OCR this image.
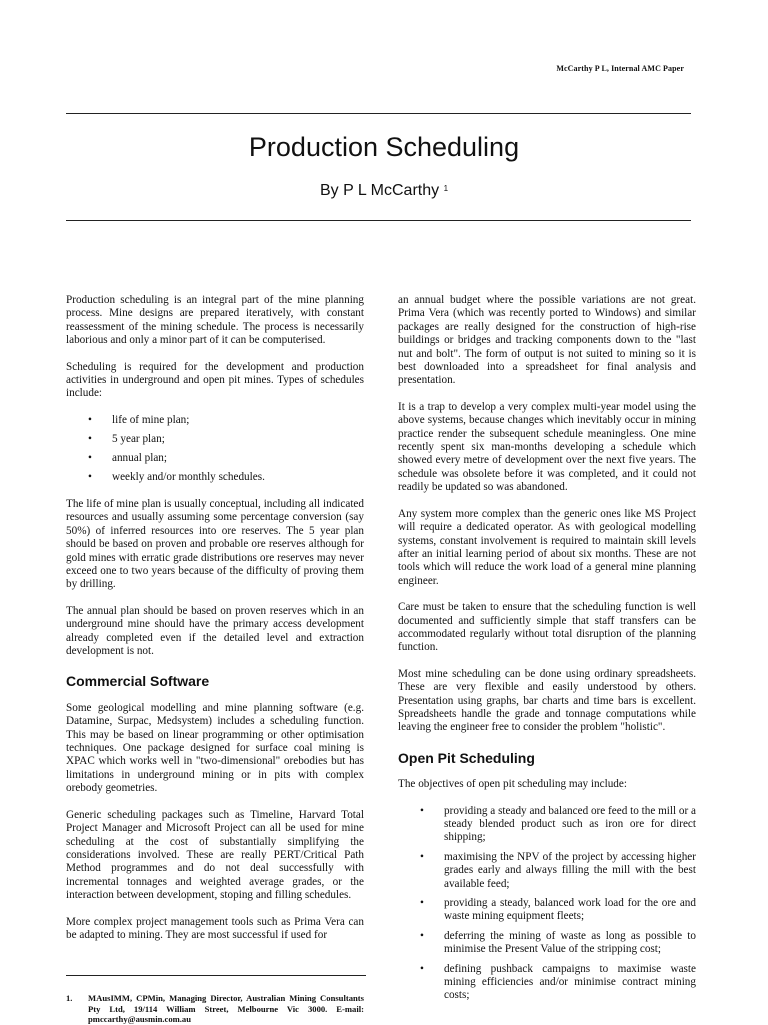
McCarthy P L, Internal AMC Paper
Production Scheduling

By P L McCarthy $^1$

Production scheduling is an integral part of the mine planning process. Mine designs are prepared iteratively, with constant reassessment of the mining schedule. The process is necessarily laborious and only a minor part of it can be computerised.

Scheduling is required for the development and production activities in underground and open pit mines. Types of schedules include:

• life of mine plan;
• 5 year plan;
• annual plan;
• weekly and/or monthly schedules.

The life of mine plan is usually conceptual, including all indicated resources and usually assuming some percentage conversion (say 50%) of inferred resources into ore reserves. The 5 year plan should be based on proven and probable ore reserves although for gold mines with erratic grade distributions ore reserves may never exceed one to two years because of the difficulty of proving them by drilling.

The annual plan should be based on proven reserves which in an underground mine should have the primary access development already completed even if the detailed level and extraction development is not.

Commercial Software

Some geological modelling and mine planning software (e.g. Datamine, Surpac, Medsystem) includes a scheduling function. This may be based on linear programming or other optimisation techniques. One package designed for surface coal mining is XPAC which works well in "two-dimensional" orebodies but has limitations in underground mining or in pits with complex orebody geometries.

Generic scheduling packages such as Timeline, Harvard Total Project Manager and Microsoft Project can all be used for mine scheduling at the cost of substantially simplifying the considerations involved. These are really PERT/Critical Path Method programmes and do not deal successfully with incremental tonnages and weighted average grades, or the interaction between development, stoping and filling schedules.

More complex project management tools such as Prima Vera can be adapted to mining. They are most successful if used for

an annual budget where the possible variations are not great. Prima Vera (which was recently ported to Windows) and similar packages are really designed for the construction of high-rise buildings or bridges and tracking components down to the "last nut and bolt". The form of output is not suited to mining so it is best downloaded into a spreadsheet for final analysis and presentation.

It is a trap to develop a very complex multi-year model using the above systems, because changes which inevitably occur in mining practice render the subsequent schedule meaningless. One mine recently spent six man-months developing a schedule which showed every metre of development over the next five years. The schedule was obsolete before it was completed, and it could not readily be updated so was abandoned.

Any system more complex than the generic ones like MS Project will require a dedicated operator. As with geological modelling systems, constant involvement is required to maintain skill levels after an initial learning period of about six months. These are not tools which will reduce the work load of a general mine planning engineer.

Care must be taken to ensure that the scheduling function is well documented and sufficiently simple that staff transfers can be accommodated regularly without total disruption of the planning function.

Most mine scheduling can be done using ordinary spreadsheets. These are very flexible and easily understood by others. Presentation using graphs, bar charts and time bars is excellent. Spreadsheets handle the grade and tonnage computations while leaving the engineer free to consider the problem "holistic".

Open Pit Scheduling

The objectives of open pit scheduling may include:

• providing a steady and balanced ore feed to the mill or a steady blended product such as iron ore for direct shipping;
• maximising the NPV of the project by accessing higher grades early and always filling the mill with the best available feed;
• providing a steady, balanced work load for the ore and waste mining equipment fleets;
• deferring the mining of waste as long as possible to minimise the Present Value of the stripping cost;
• defining pushback campaigns to maximise waste mining efficiencies and/or minimise contract mining costs;
1. MAusIMM, CPMin, Managing Director, Australian Mining Consultants Pty Ltd, 19/114 William Street, Melbourne Vic 3000. E-mail: pmccarthy@ausmin.com.au
